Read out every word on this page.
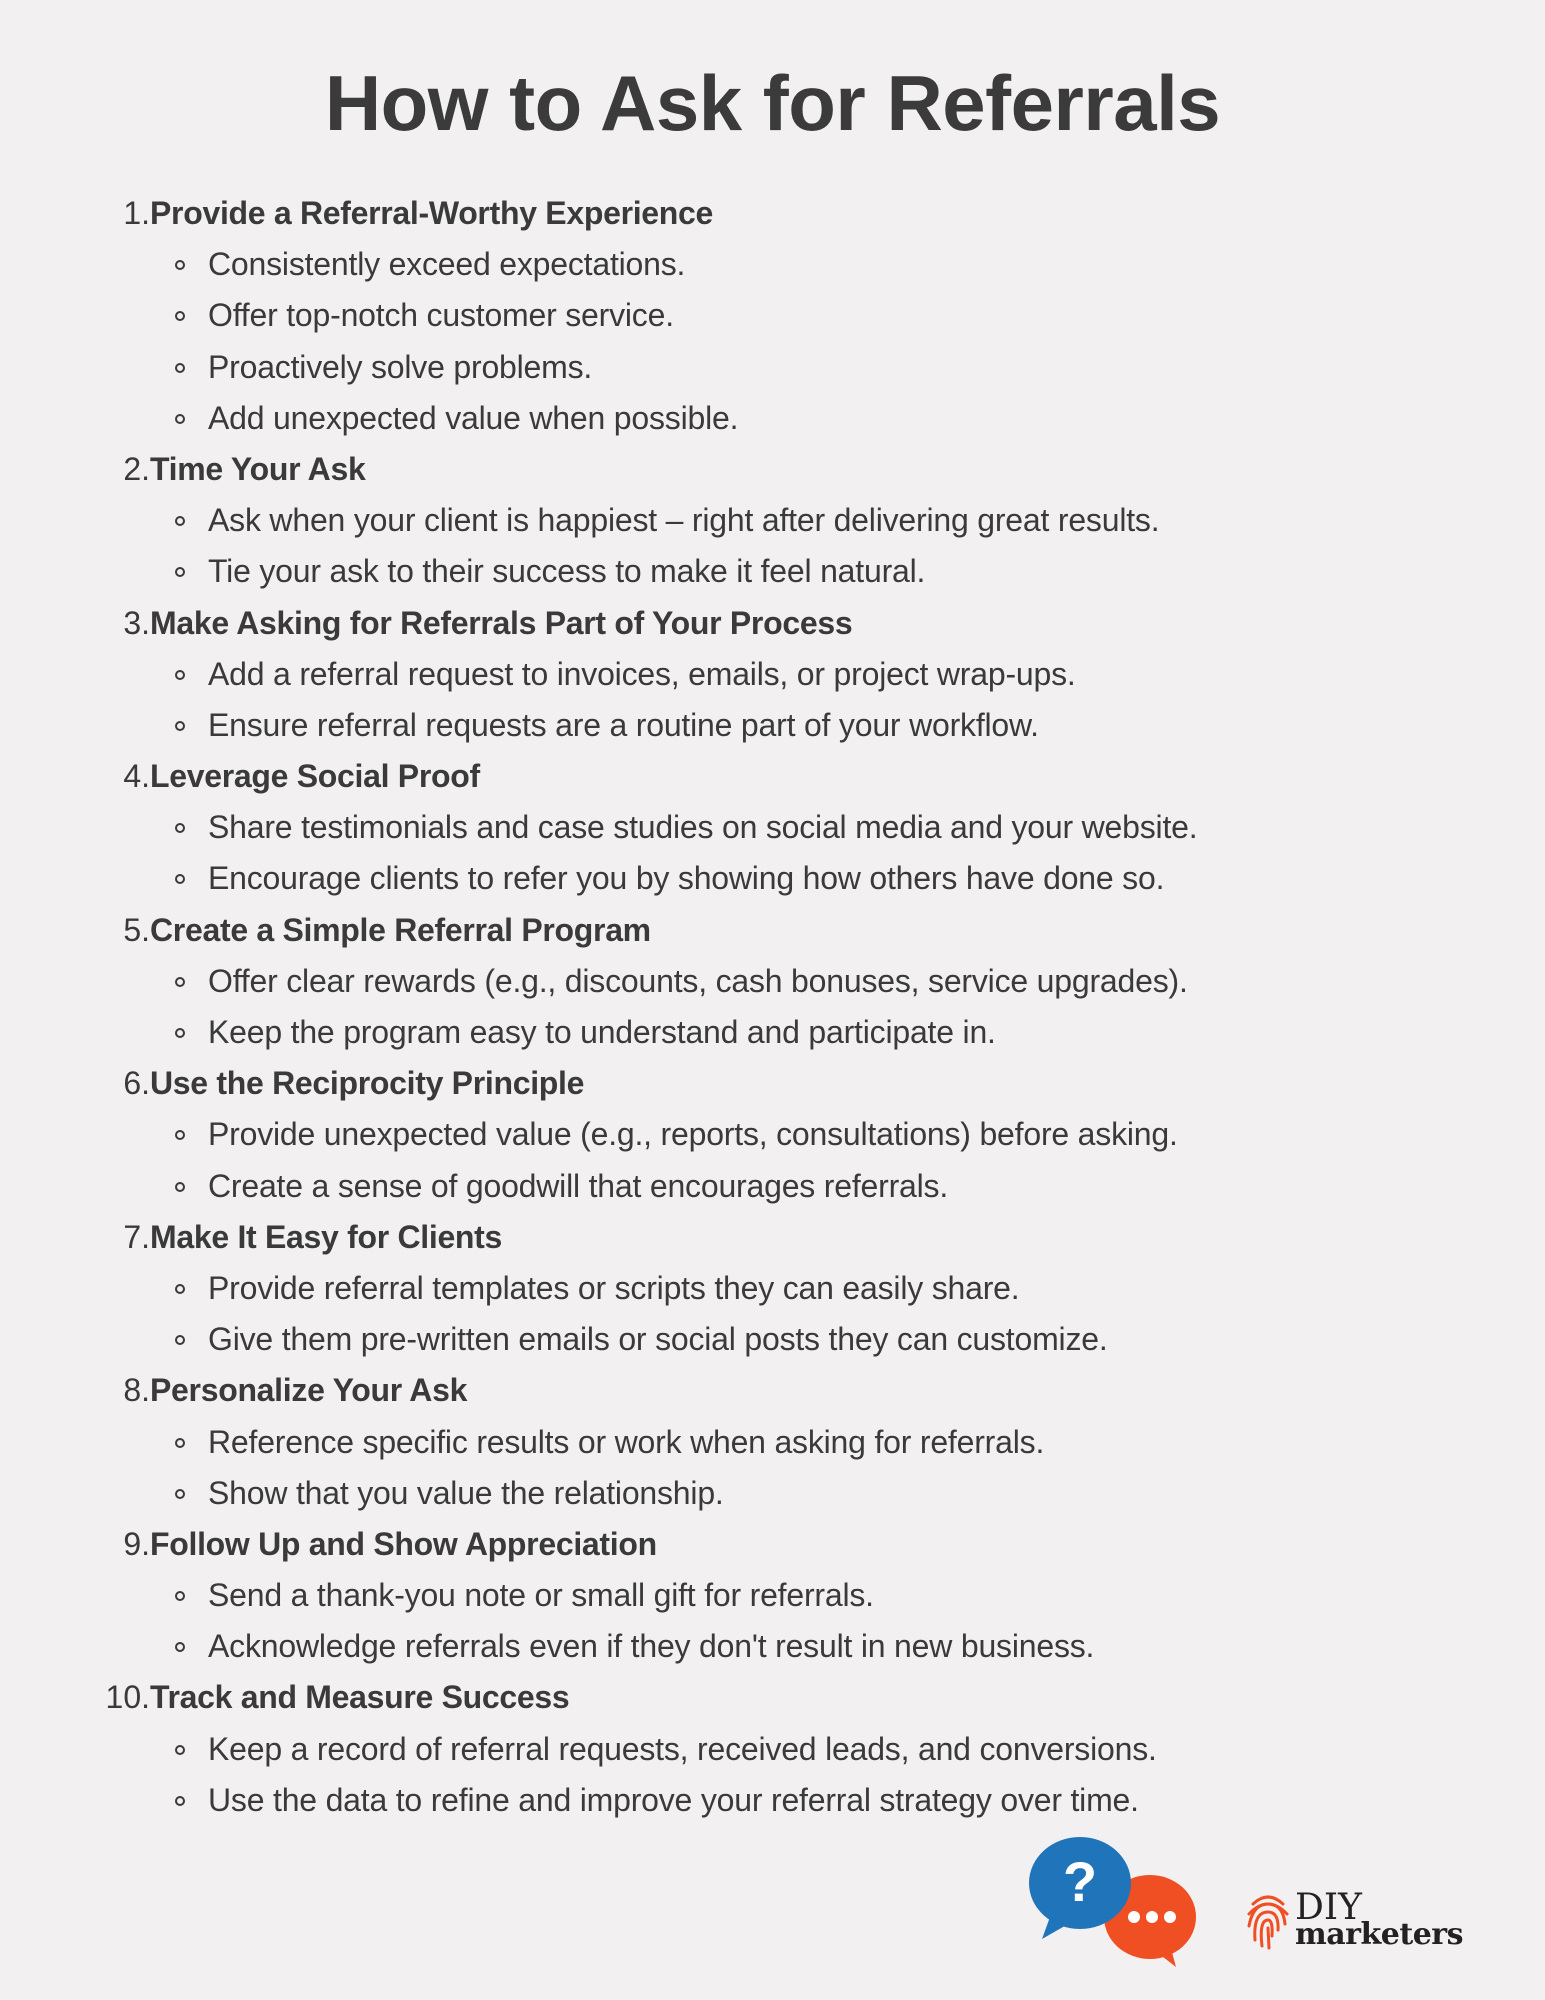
How to Ask for Referrals
1. Provide a Referral-Worthy Experience
Consistently exceed expectations.
Offer top-notch customer service.
Proactively solve problems.
Add unexpected value when possible.
2. Time Your Ask
Ask when your client is happiest – right after delivering great results.
Tie your ask to their success to make it feel natural.
3. Make Asking for Referrals Part of Your Process
Add a referral request to invoices, emails, or project wrap-ups.
Ensure referral requests are a routine part of your workflow.
4. Leverage Social Proof
Share testimonials and case studies on social media and your website.
Encourage clients to refer you by showing how others have done so.
5. Create a Simple Referral Program
Offer clear rewards (e.g., discounts, cash bonuses, service upgrades).
Keep the program easy to understand and participate in.
6. Use the Reciprocity Principle
Provide unexpected value (e.g., reports, consultations) before asking.
Create a sense of goodwill that encourages referrals.
7. Make It Easy for Clients
Provide referral templates or scripts they can easily share.
Give them pre-written emails or social posts they can customize.
8. Personalize Your Ask
Reference specific results or work when asking for referrals.
Show that you value the relationship.
9. Follow Up and Show Appreciation
Send a thank-you note or small gift for referrals.
Acknowledge referrals even if they don't result in new business.
10. Track and Measure Success
Keep a record of referral requests, received leads, and conversions.
Use the data to refine and improve your referral strategy over time.
?	DIY
marketers
